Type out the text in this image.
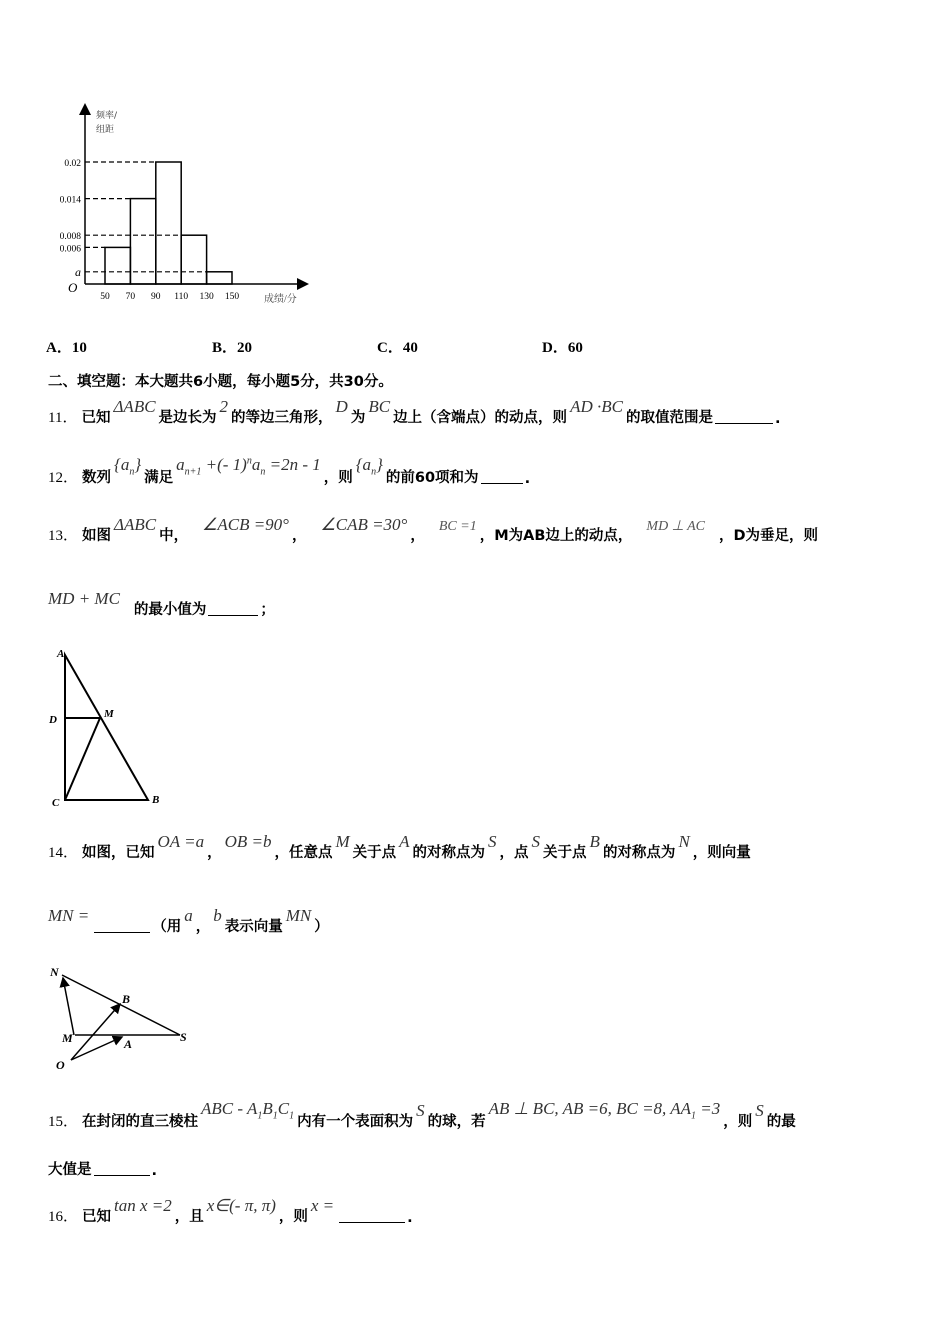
0.006
0.014
0.02
0.008
a
50 70 90 110 130 150 成绩/分
O
频率/组距
A．10	B．20	C．40	D．60
二、填空题：本大题共6小题，每小题5分，共30分。
11． 已知
ΔABC
是边长为
2
的等边三角形，
D
为
BC
边上（含端点）的动点，则
AD ·BC
的取值范围是	.
12． 数列
$\{a_n\}$
满足
$a_{n+1}$ +(- $1)^na_n =2n - 1$
，则
$\{a_n\}$
的前60项和为	.
13． 如图
ΔABC
中，
∠ACB =90°
，
∠CAB =30°
，
BC =1
，M为AB边上的动点，
MD ⊥ AC
，D为垂足，则
MD + MC
的最小值为	；
A
D	M
C	B
14． 如图，已知
OA =a
，
OB =b
，任意点
M
关于点
A
的对称点为
S
，点
S
关于点
B
的对称点为
N
，则向量
MN =
（用
a
，
b
表示向量
MN
）
N
B
M	A	S
O
15． 在封闭的直三棱柱
ABC - $A_1B_1C_1$ 内有一个表面积为
S
的球，若
AB ⊥ BC, AB =6, BC =8, $AA_1 =3$
，则
S
的最
大值是	.
16． 已知
tan x =2
，且
x∈(- π, π)
，则
x =
.
